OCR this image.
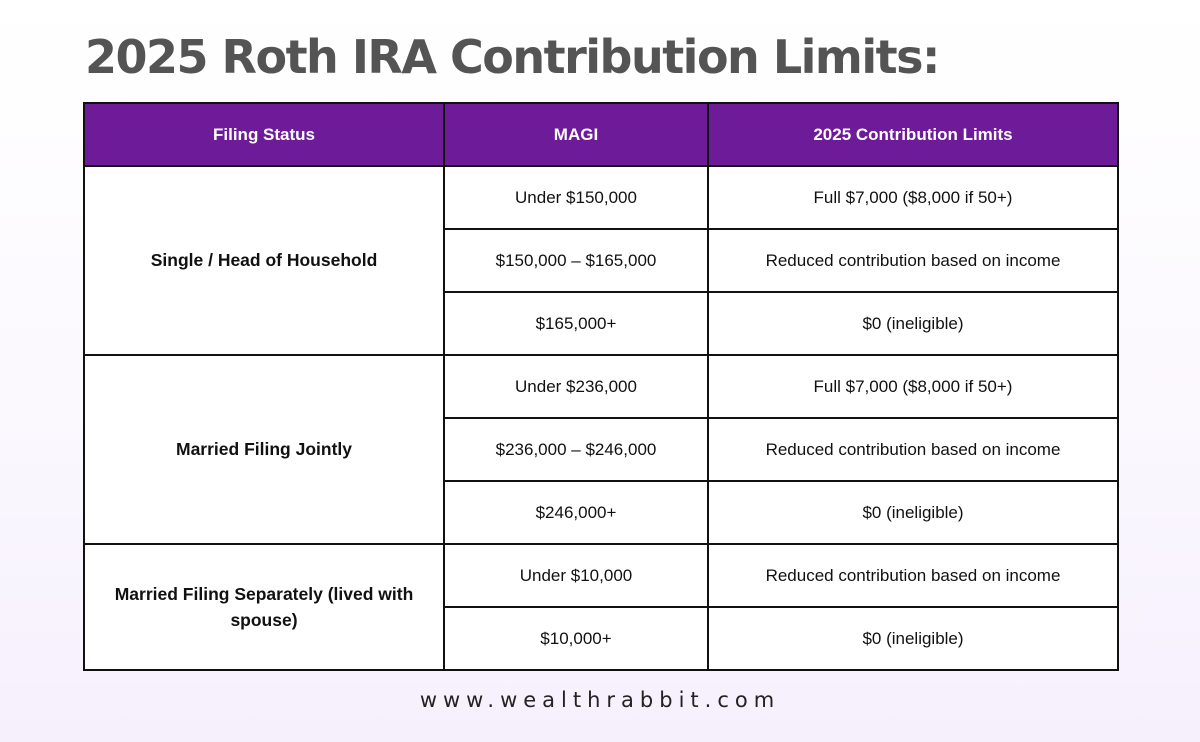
2025 Roth IRA Contribution Limits:
Filing Status	MAGI	2025 Contribution Limits
Single / Head of Household	Under $150,000	Full $7,000 ($8,000 if 50+)
	$150,000 – $165,000	Reduced contribution based on income
	$165,000+	$0 (ineligible)
Married Filing Jointly	Under $236,000	Full $7,000 ($8,000 if 50+)
	$236,000 – $246,000	Reduced contribution based on income
	$246,000+	$0 (ineligible)
Married Filing Separately (lived with spouse)	Under $10,000	Reduced contribution based on income
	$10,000+	$0 (ineligible)
www.wealthrabbit.com
